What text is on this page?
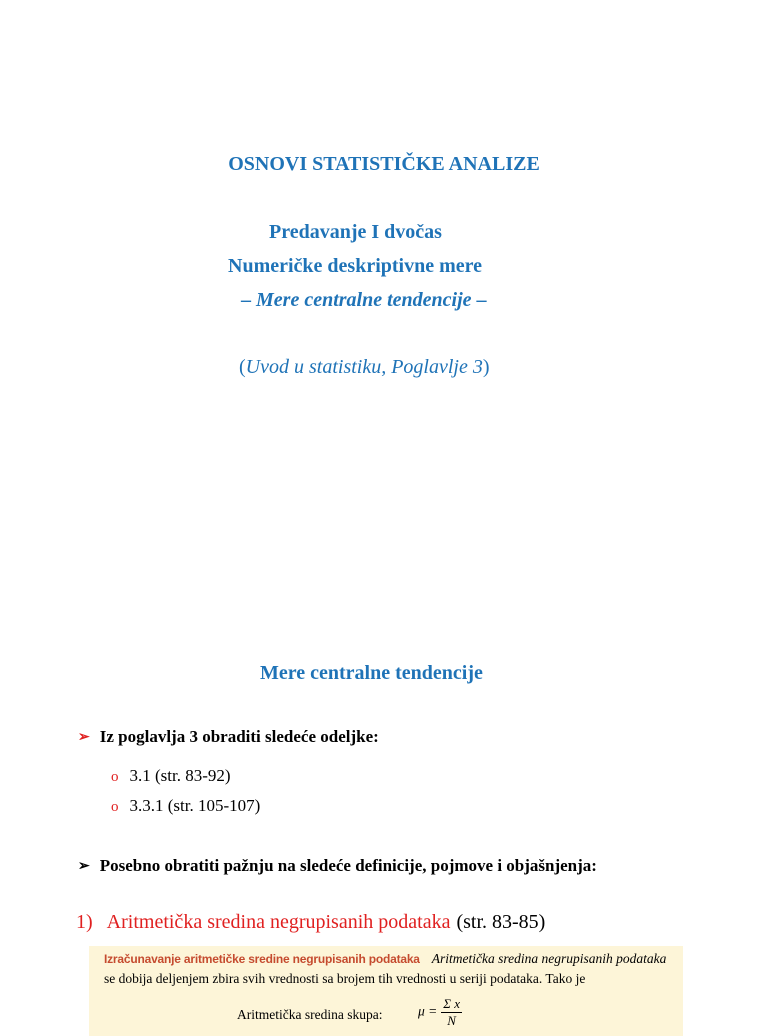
OSNOVI STATISTIČKE ANALIZE
Predavanje I dvočas
Numeričke deskriptivne mere
– Mere centralne tendencije –
(Uvod u statistiku, Poglavlje 3)
Mere centralne tendencije
➢ Iz poglavlja 3 obraditi sledeće odeljke:
o 3.1 (str. 83-92)
o 3.3.1 (str. 105-107)
➢ Posebno obratiti pažnju na sledeće definicije, pojmove i objašnjenja:
1) Aritmetička sredina negrupisanih podataka (str. 83-85)
Izračunavanje aritmetičke sredine negrupisanih podataka Aritmetička sredina negrupisanih podataka
se dobija deljenjem zbira svih vrednosti sa brojem tih vrednosti u seriji podataka. Tako je
Aritmetička sredina skupa:	$\mu = \frac{\text{Σ x}}{N}$
